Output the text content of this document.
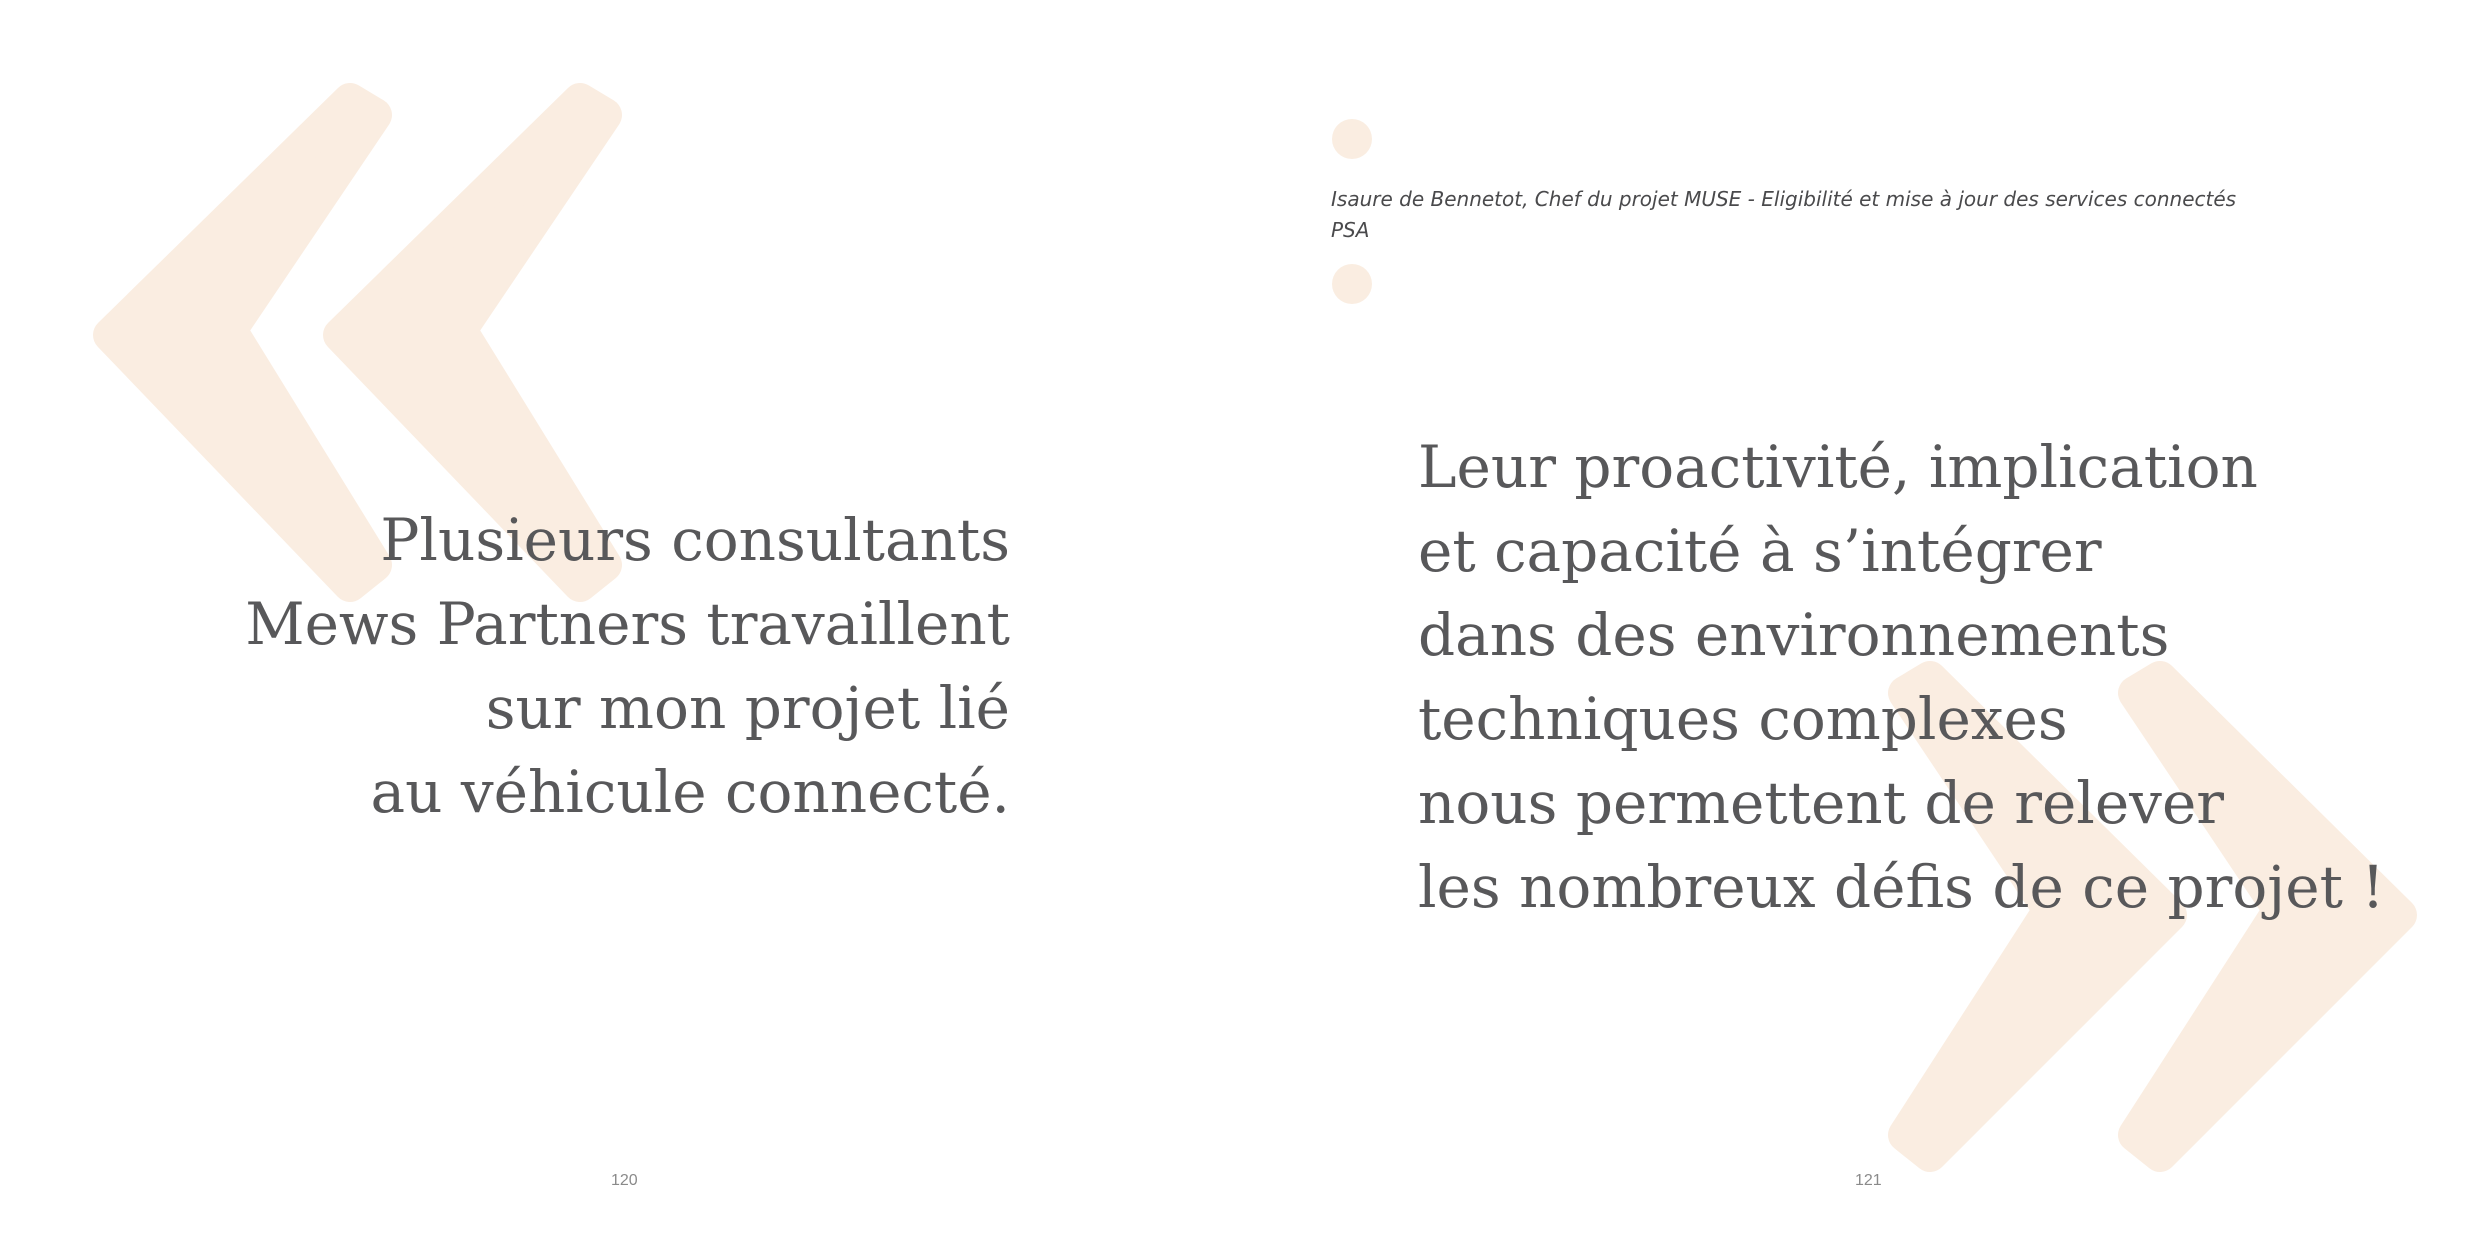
Plusieurs consultants
Mews Partners travaillent
sur mon projet lié
au véhicule connecté.
120
Isaure de Bennetot, Chef du projet MUSE - Eligibilité et mise à jour des services connectés
PSA
Leur proactivité, implication
et capacité à s’intégrer
dans des environnements
techniques complexes
nous permettent de relever
les nombreux défis de ce projet !
121
